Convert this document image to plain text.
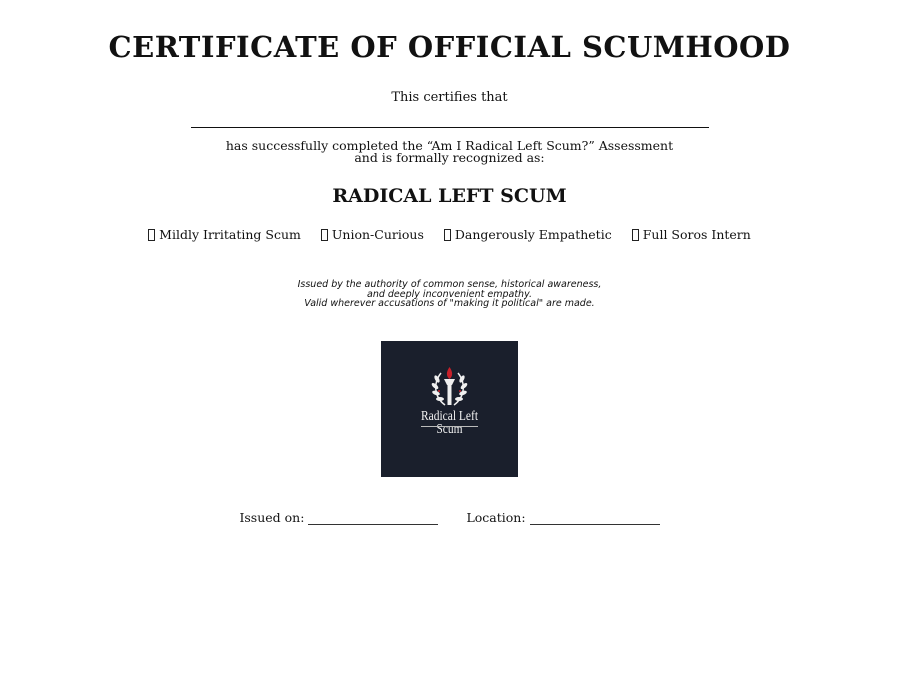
CERTIFICATE OF OFFICIAL SCUMHOOD
This certifies that
has successfully completed the “Am I Radical Left Scum?” Assessment
and is formally recognized as:
RADICAL LEFT SCUM
Mildly Irritating Scum Union-Curious Dangerously Empathetic Full Soros Intern
Issued by the authority of common sense, historical awareness,
and deeply inconvenient empathy.
Valid wherever accusations of "making it political" are made.
Radical Left
Scum
Issued on:	Location:
